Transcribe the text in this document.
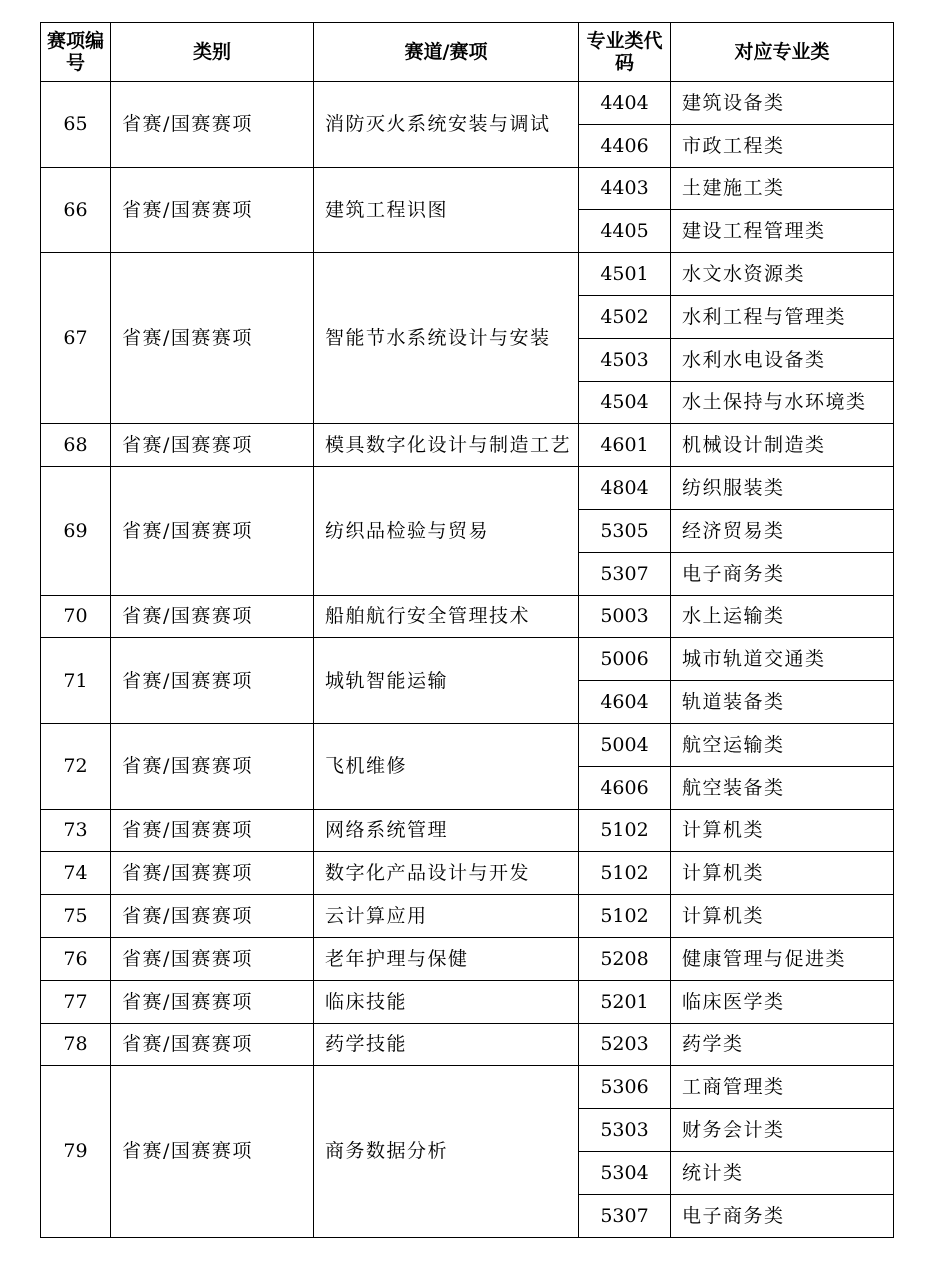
赛项编号	类别	赛道/赛项	专业类代码	对应专业类
65	省赛/国赛赛项	消防灭火系统安装与调试	4404	建筑设备类
			4406	市政工程类
66	省赛/国赛赛项	建筑工程识图	4403	土建施工类
			4405	建设工程管理类
67	省赛/国赛赛项	智能节水系统设计与安装	4501	水文水资源类
			4502	水利工程与管理类
			4503	水利水电设备类
			4504	水土保持与水环境类
68	省赛/国赛赛项	模具数字化设计与制造工艺	4601	机械设计制造类
69	省赛/国赛赛项	纺织品检验与贸易	4804	纺织服装类
			5305	经济贸易类
			5307	电子商务类
70	省赛/国赛赛项	船舶航行安全管理技术	5003	水上运输类
71	省赛/国赛赛项	城轨智能运输	5006	城市轨道交通类
			4604	轨道装备类
72	省赛/国赛赛项	飞机维修	5004	航空运输类
			4606	航空装备类
73	省赛/国赛赛项	网络系统管理	5102	计算机类
74	省赛/国赛赛项	数字化产品设计与开发	5102	计算机类
75	省赛/国赛赛项	云计算应用	5102	计算机类
76	省赛/国赛赛项	老年护理与保健	5208	健康管理与促进类
77	省赛/国赛赛项	临床技能	5201	临床医学类
78	省赛/国赛赛项	药学技能	5203	药学类
79	省赛/国赛赛项	商务数据分析	5306	工商管理类
			5303	财务会计类
			5304	统计类
			5307	电子商务类
